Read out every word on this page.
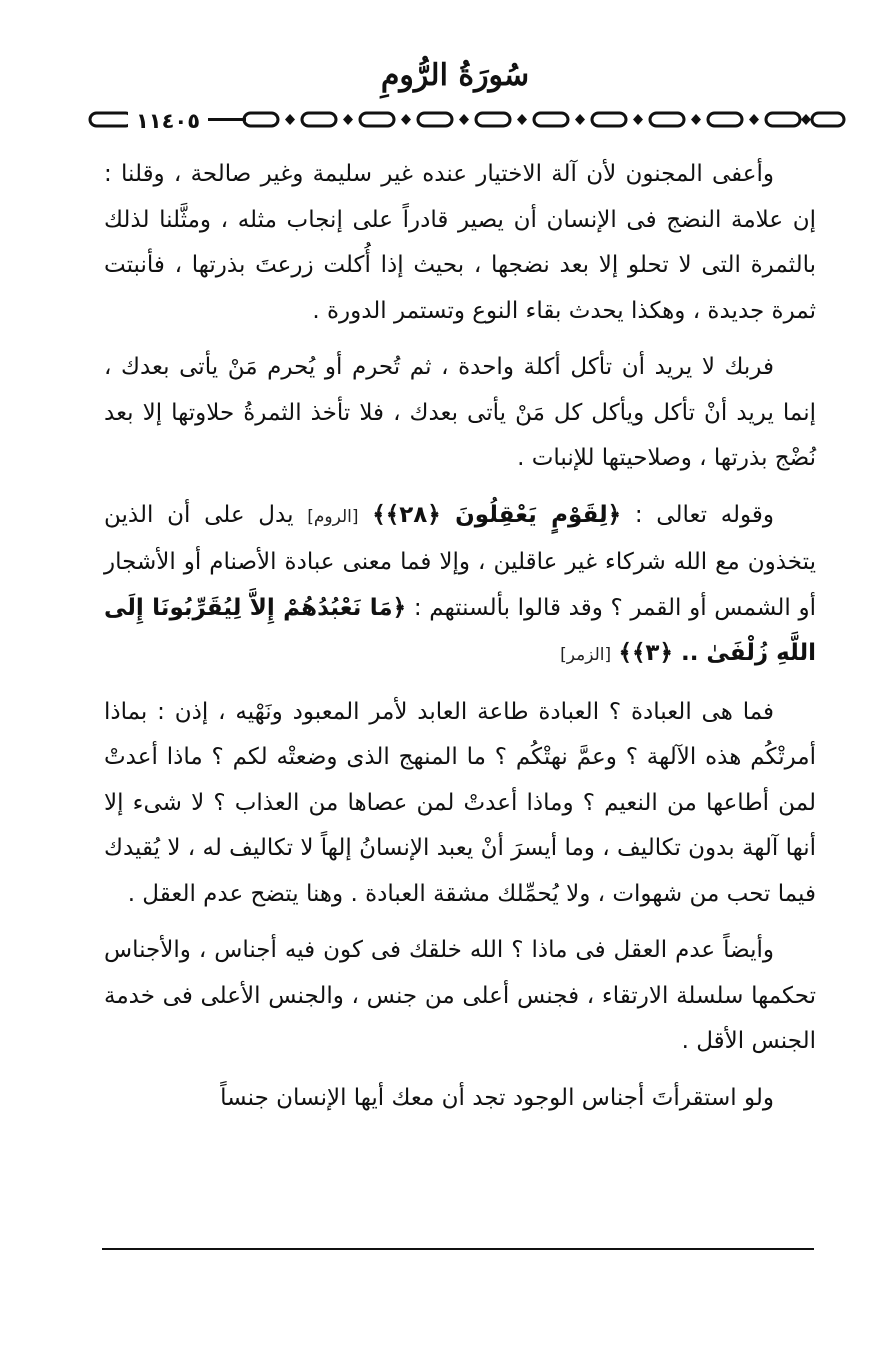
سُورَةُ الرُّومِ
١١٤٠٥

وأعفى المجنون لأن آلة الاختيار عنده غير سليمة وغير صالحة ، وقلنا : إن علامة النضج فى الإنسان أن يصير قادراً على إنجاب مثله ، ومثَّلنا لذلك بالثمرة التى لا تحلو إلا بعد نضجها ، بحيث إذا أُكلت زرعتَ بذرتها ، فأنبتت ثمرة جديدة ، وهكذا يحدث بقاء النوع وتستمر الدورة .

فربك لا يريد أن تأكل أكلة واحدة ، ثم تُحرم أو يُحرم مَنْ يأتى بعدك ، إنما يريد أنْ تأكل ويأكل كل مَنْ يأتى بعدك ، فلا تأخذ الثمرةُ حلاوتها إلا بعد نُضْج بذرتها ، وصلاحيتها للإنبات .

وقوله تعالى : ﴿لِقَوْمٍ يَعْقِلُونَ ﴿٢٨﴾﴾ [الروم] يدل على أن الذين يتخذون مع الله شركاء غير عاقلين ، وإلا فما معنى عبادة الأصنام أو الأشجار أو الشمس أو القمر ؟ وقد قالوا بألسنتهم : ﴿مَا نَعْبُدُهُمْ إِلاَّ لِيُقَرِّبُونَا إِلَى اللَّهِ زُلْفَىٰ .. ﴿٣﴾﴾ [الزمر]

فما هى العبادة ؟ العبادة طاعة العابد لأمر المعبود ونَهْيه ، إذن : بماذا أمرتْكُم هذه الآلهة ؟ وعمَّ نهتْكُم ؟ ما المنهج الذى وضعتْه لكم ؟ ماذا أعدتْ لمن أطاعها من النعيم ؟ وماذا أعدتْ لمن عصاها من العذاب ؟ لا شىء إلا أنها آلهة بدون تكاليف ، وما أيسرَ أنْ يعبد الإنسانُ إلهاً لا تكاليف له ، لا يُقيدك فيما تحب من شهوات ، ولا يُحمِّلك مشقة العبادة . وهنا يتضح عدم العقل .

وأيضاً عدم العقل فى ماذا ؟ الله خلقك فى كون فيه أجناس ، والأجناس تحكمها سلسلة الارتقاء ، فجنس أعلى من جنس ، والجنس الأعلى فى خدمة الجنس الأقل .

ولو استقرأتَ أجناس الوجود تجد أن معك أيها الإنسان جنساً
